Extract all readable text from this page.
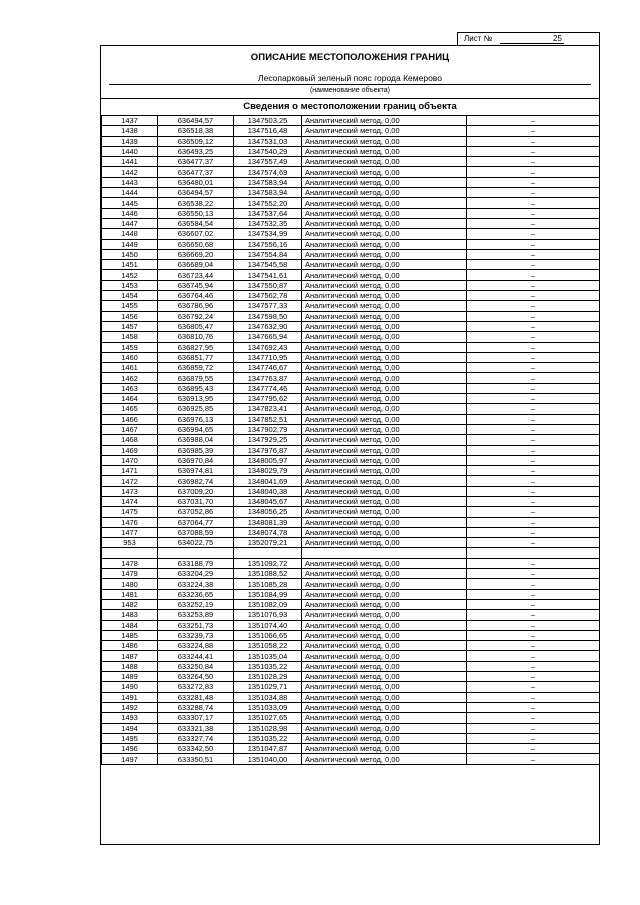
Лист №	25
ОПИСАНИЕ МЕСТОПОЛОЖЕНИЯ ГРАНИЦ
Лесопарковый зеленый пояс города Кемерово
(наименование объекта)
Сведения о местоположении границ объекта
1437	636494,57	1347503,25	Аналитический метод, 0,00	–
1438	636518,38	1347516,48	Аналитический метод, 0,00	–
1439	636509,12	1347531,03	Аналитический метод, 0,00	–
1440	636493,25	1347540,29	Аналитический метод, 0,00	–
1441	636477,37	1347557,49	Аналитический метод, 0,00	–
1442	636477,37	1347574,69	Аналитический метод, 0,00	–
1443	636480,01	1347583,94	Аналитический метод, 0,00	–
1444	636494,57	1347583,94	Аналитический метод, 0,00	–
1445	636538,22	1347552,20	Аналитический метод, 0,00	–
1446	636550,13	1347537,64	Аналитический метод, 0,00	–
1447	636584,54	1347532,35	Аналитический метод, 0,00	–
1448	636607,02	1347534,99	Аналитический метод, 0,00	–
1449	636650,68	1347556,16	Аналитический метод, 0,00	–
1450	636669,20	1347554,84	Аналитический метод, 0,00	–
1451	636689,04	1347545,58	Аналитический метод, 0,00	–
1452	636723,44	1347541,61	Аналитический метод, 0,00	–
1453	636745,94	1347550,87	Аналитический метод, 0,00	–
1454	636764,46	1347562,78	Аналитический метод, 0,00	–
1455	636786,96	1347577,33	Аналитический метод, 0,00	–
1456	636792,24	1347598,50	Аналитический метод, 0,00	–
1457	636805,47	1347632,90	Аналитический метод, 0,00	–
1458	636810,76	1347665,94	Аналитический метод, 0,00	–
1459	636827,95	1347692,43	Аналитический метод, 0,00	–
1460	636851,77	1347710,95	Аналитический метод, 0,00	–
1461	636859,72	1347746,67	Аналитический метод, 0,00	–
1462	636879,55	1347763,87	Аналитический метод, 0,00	–
1463	636895,43	1347774,46	Аналитический метод, 0,00	–
1464	636913,95	1347795,62	Аналитический метод, 0,00	–
1465	636925,85	1347823,41	Аналитический метод, 0,00	–
1466	636976,13	1347852,51	Аналитический метод, 0,00	–
1467	636994,65	1347902,79	Аналитический метод, 0,00	–
1468	636988,04	1347929,25	Аналитический метод, 0,00	–
1469	636985,39	1347976,87	Аналитический метод, 0,00	–
1470	636970,84	1348005,97	Аналитический метод, 0,00	–
1471	636974,81	1348029,79	Аналитический метод, 0,00	–
1472	636982,74	1348041,69	Аналитический метод, 0,00	–
1473	637009,20	1348040,38	Аналитический метод, 0,00	–
1474	637031,70	1348045,67	Аналитический метод, 0,00	–
1475	637052,86	1348056,25	Аналитический метод, 0,00	–
1476	637064,77	1348081,39	Аналитический метод, 0,00	–
1477	637088,59	1348074,78	Аналитический метод, 0,00	–
953	634022,75	1352079,21	Аналитический метод, 0,00	–

1478	633188,79	1351092,72	Аналитический метод, 0,00	–
1479	633204,29	1351088,52	Аналитический метод, 0,00	–
1480	633224,38	1351085,28	Аналитический метод, 0,00	–
1481	633236,65	1351084,99	Аналитический метод, 0,00	–
1482	633252,19	1351082,09	Аналитический метод, 0,00	–
1483	633253,89	1351076,93	Аналитический метод, 0,00	–
1484	633251,73	1351074,40	Аналитический метод, 0,00	–
1485	633239,73	1351066,65	Аналитический метод, 0,00	–
1486	633224,88	1351058,22	Аналитический метод, 0,00	–
1487	633244,41	1351035,04	Аналитический метод, 0,00	–
1488	633250,84	1351035,22	Аналитический метод, 0,00	–
1489	633264,50	1351028,29	Аналитический метод, 0,00	–
1490	633272,83	1351029,71	Аналитический метод, 0,00	–
1491	633281,48	1351034,88	Аналитический метод, 0,00	–
1492	633288,74	1351033,09	Аналитический метод, 0,00	–
1493	633307,17	1351027,65	Аналитический метод, 0,00	–
1494	633321,38	1351028,98	Аналитический метод, 0,00	–
1495	633327,74	1351035,22	Аналитический метод, 0,00	–
1496	633342,50	1351047,87	Аналитический метод, 0,00	–
1497	633350,51	1351040,00	Аналитический метод, 0,00	–
